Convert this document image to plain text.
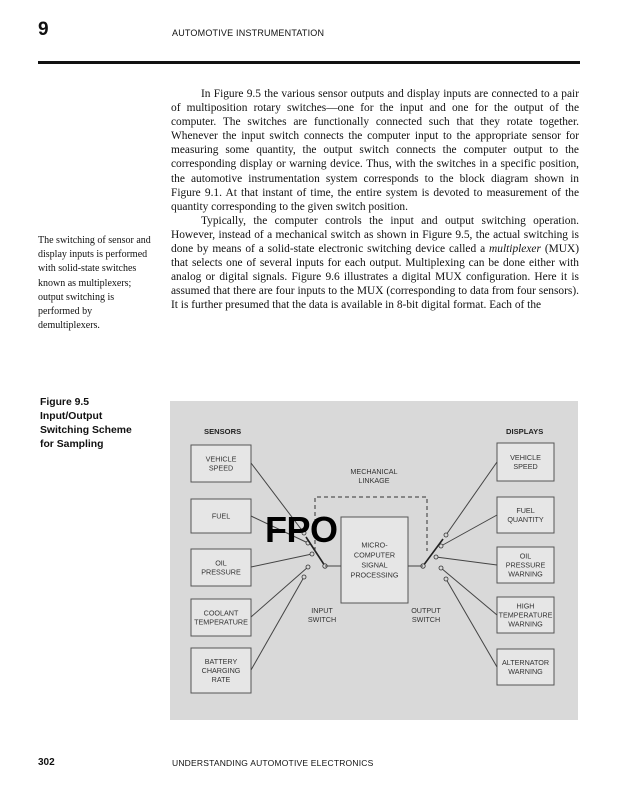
9	AUTOMOTIVE INSTRUMENTATION

In Figure 9.5 the various sensor outputs and display inputs are connected to a pair of multiposition rotary switches—one for the input and one for the output of the computer. The switches are functionally connected such that they rotate together. Whenever the input switch connects the computer input to the appropriate sensor for measuring some quantity, the output switch connects the computer output to the corresponding display or warning device. Thus, with the switches in a specific position, the automotive instrumentation system corresponds to the block diagram shown in Figure 9.1. At that instant of time, the entire system is devoted to measurement of the quantity corresponding to the given switch position.

Typically, the computer controls the input and output switching operation. However, instead of a mechanical switch as shown in Figure 9.5, the actual switching is done by means of a solid-state electronic switching device called a multiplexer (MUX) that selects one of several inputs for each output. Multiplexing can be done either with analog or digital signals. Figure 9.6 illustrates a digital MUX configuration. Here it is assumed that there are four inputs to the MUX (corresponding to data from four sensors). It is further presumed that the data is available in 8-bit digital format. Each of the

The switching of sensor and display inputs is performed with solid-state switches known as multiplexers; output switching is performed by demultiplexers.
Figure 9.5
Input/Output
Switching Scheme
for Sampling
SENSORS	DISPLAYS
VEHICLE SPEED
FUEL
OIL PRESSURE
COOLANT TEMPERATURE
BATTERY CHARGING RATE
VEHICLE SPEED
FUEL QUANTITY
OIL PRESSURE WARNING
HIGH TEMPERATURE WARNING
ALTERNATOR WARNING
MICRO-COMPUTER SIGNAL PROCESSING
MECHANICAL LINKAGE
INPUT SWITCH
OUTPUT SWITCH
FPO
302	UNDERSTANDING AUTOMOTIVE ELECTRONICS
